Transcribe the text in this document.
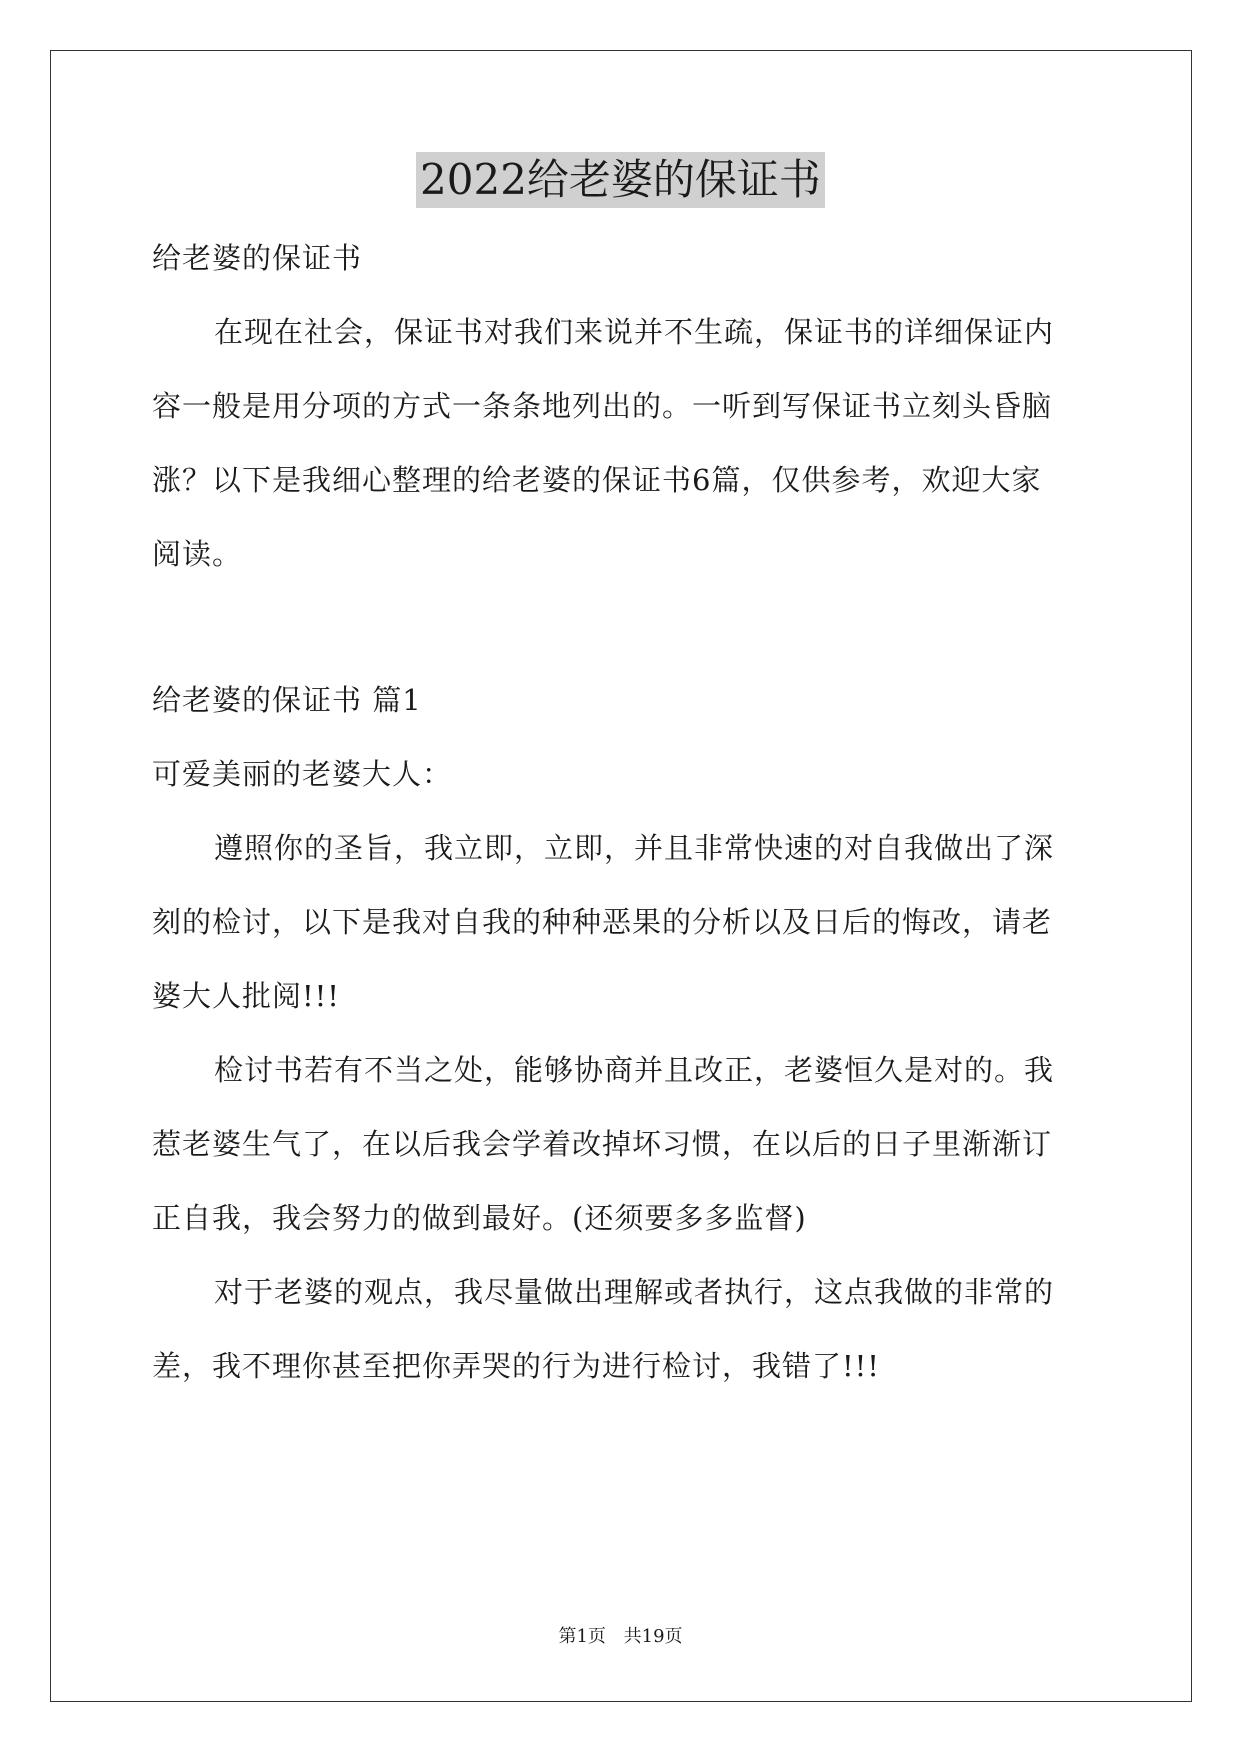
2022给老婆的保证书
给老婆的保证书
在现在社会，保证书对我们来说并不生疏，保证书的详细保证内
容一般是用分项的方式一条条地列出的。一听到写保证书立刻头昏脑
涨？以下是我细心整理的给老婆的保证书6篇，仅供参考，欢迎大家
阅读。
给老婆的保证书 篇1
可爱美丽的老婆大人：
遵照你的圣旨，我立即，立即，并且非常快速的对自我做出了深
刻的检讨，以下是我对自我的种种恶果的分析以及日后的悔改，请老
婆大人批阅!!!
检讨书若有不当之处，能够协商并且改正，老婆恒久是对的。我
惹老婆生气了，在以后我会学着改掉坏习惯，在以后的日子里渐渐订
正自我，我会努力的做到最好。(还须要多多监督)
对于老婆的观点，我尽量做出理解或者执行，这点我做的非常的
差，我不理你甚至把你弄哭的行为进行检讨，我错了!!!
第1页 共19页
